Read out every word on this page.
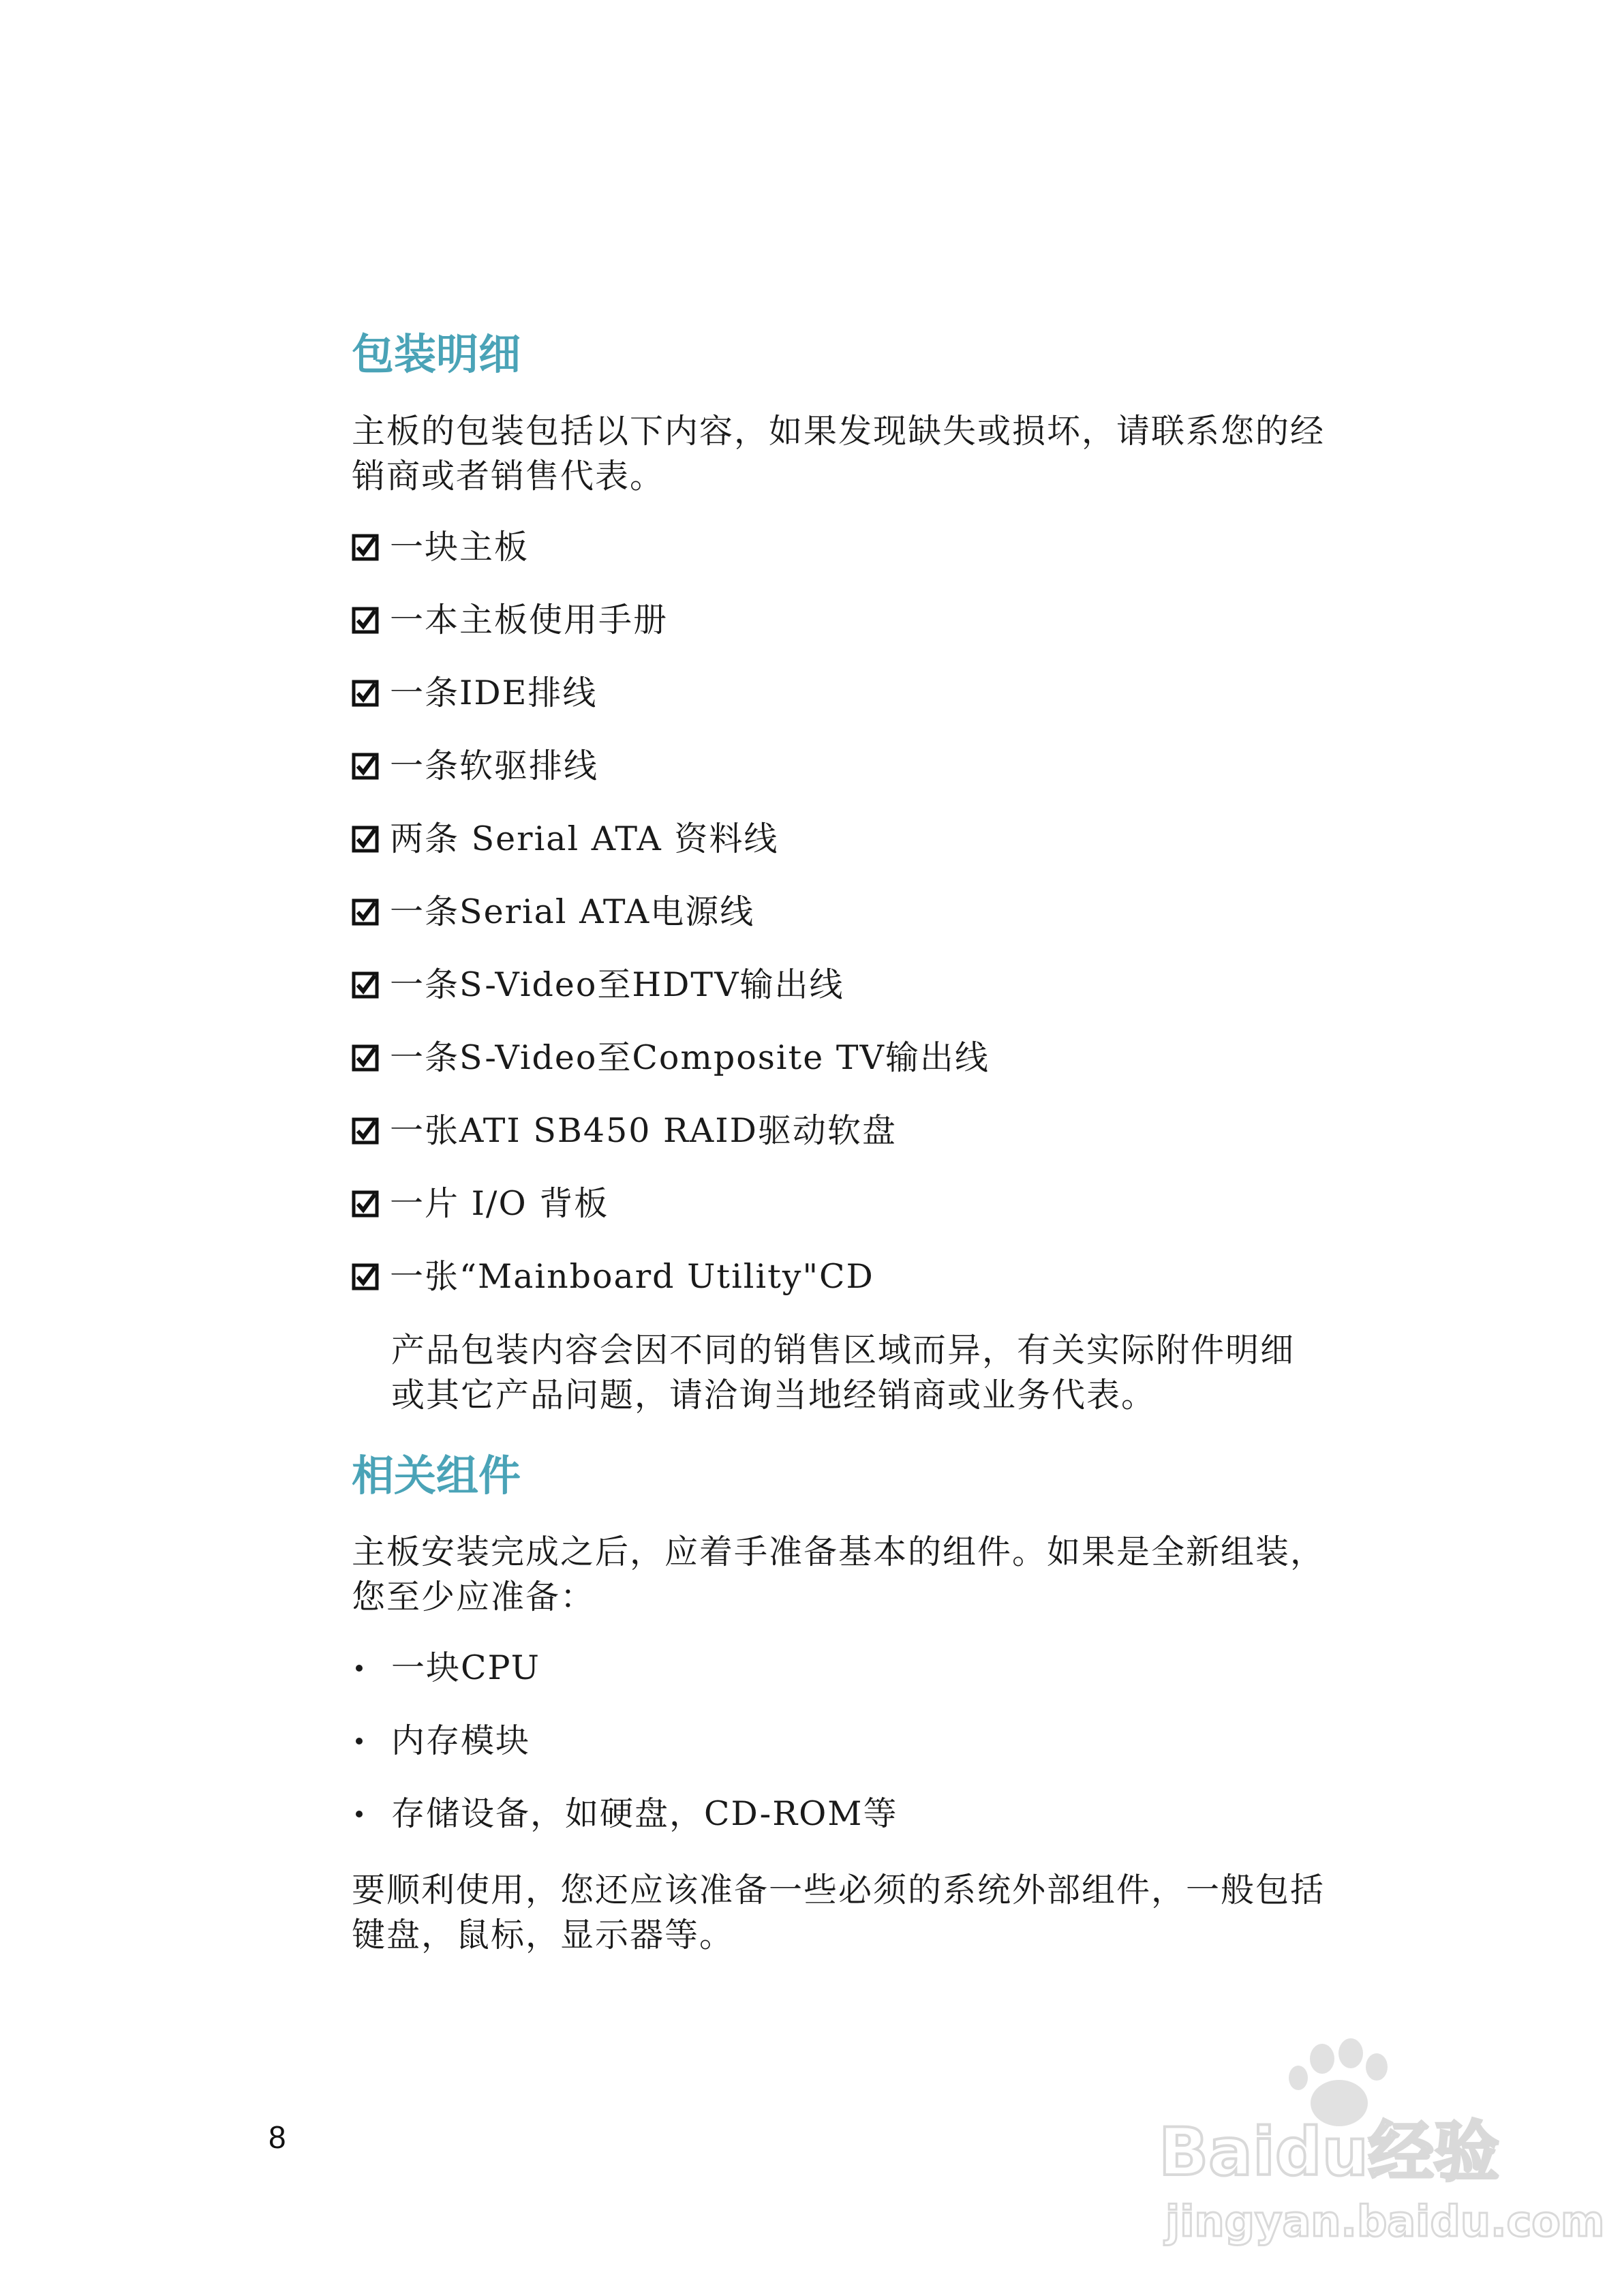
包装明细

主板的包装包括以下内容，如果发现缺失或损坏，请联系您的经销商或者销售代表。

一块主板
一本主板使用手册
一条IDE排线
一条软驱排线
两条 Serial ATA 资料线
一条Serial ATA电源线
一条S-Video至HDTV输出线
一条S-Video至Composite TV输出线
一张ATI SB450 RAID驱动软盘
一片 I/O 背板
一张“Mainboard Utility"CD

产品包装内容会因不同的销售区域而异，有关实际附件明细或其它产品问题，请洽询当地经销商或业务代表。

相关组件

主板安装完成之后，应着手准备基本的组件。如果是全新组装，您至少应准备：

一块CPU
内存模块
存储设备，如硬盘，CD-ROM等

要顺利使用，您还应该准备一些必须的系统外部组件，一般包括键盘，鼠标，显示器等。

8	Baidu经验
jingyan.baidu.com
